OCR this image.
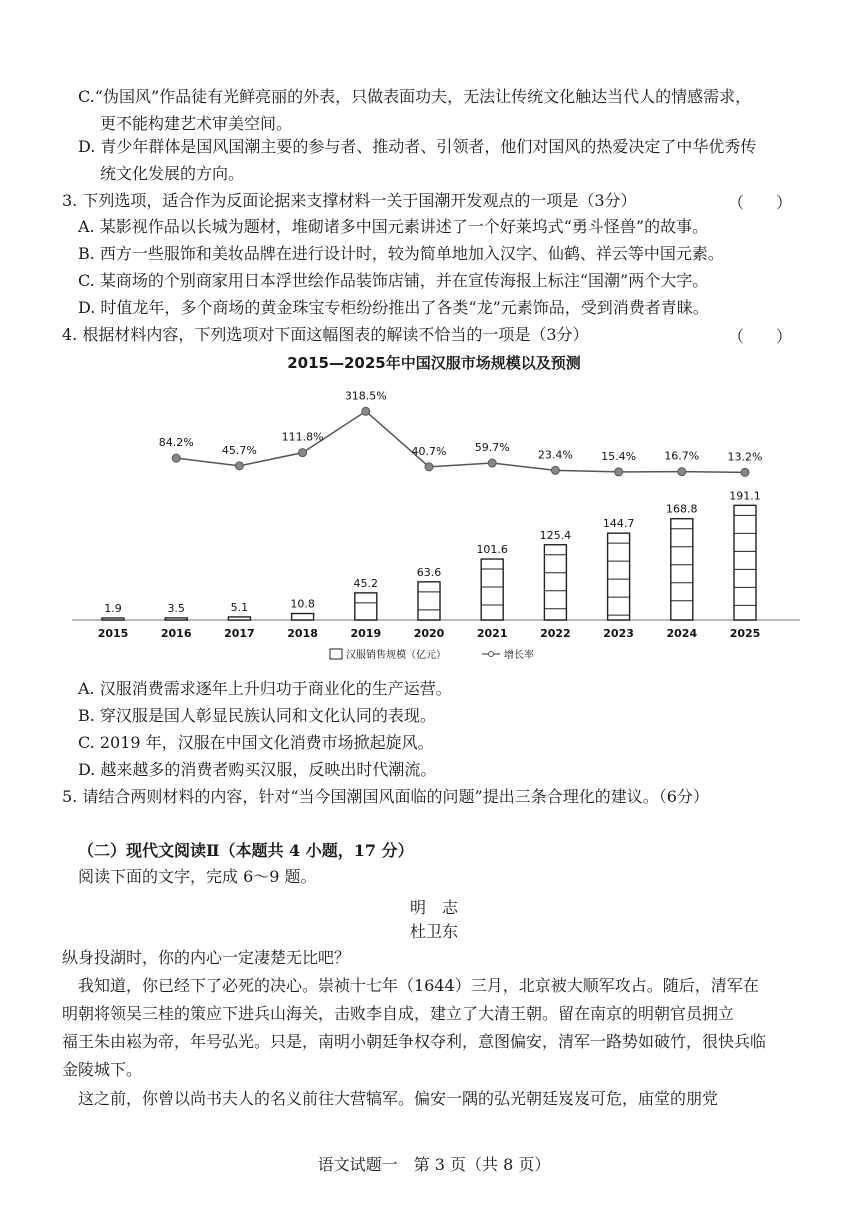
C.“伪国风”作品徒有光鲜亮丽的外表，只做表面功夫，无法让传统文化触达当代人的情感需求，
更不能构建艺术审美空间。
D. 青少年群体是国风国潮主要的参与者、推动者、引领者，他们对国风的热爱决定了中华优秀传
统文化发展的方向。
3. 下列选项，适合作为反面论据来支撑材料一关于国潮开发观点的一项是（3分）	（　　）
A. 某影视作品以长城为题材，堆砌诸多中国元素讲述了一个好莱坞式“勇斗怪兽”的故事。
B. 西方一些服饰和美妆品牌在进行设计时，较为简单地加入汉字、仙鹤、祥云等中国元素。
C. 某商场的个别商家用日本浮世绘作品装饰店铺，并在宣传海报上标注“国潮”两个大字。
D. 时值龙年，多个商场的黄金珠宝专柜纷纷推出了各类“龙”元素饰品，受到消费者青睐。
4. 根据材料内容，下列选项对下面这幅图表的解读不恰当的一项是（3分）	（　　）
2015—2025年中国汉服市场规模以及预测
1.9
2015
3.5
2016
5.1
2017
10.8
2018
45.2
2019
63.6
2020
101.6
2021
125.4
2022
144.7
2023
168.8
2024
191.1
2025
84.2%
45.7%
111.8%
318.5%
40.7%	59.7%
23.4%	15.4%	16.7%	13.2%
汉服销售规模（亿元）	增长率
A. 汉服消费需求逐年上升归功于商业化的生产运营。
B. 穿汉服是国人彰显民族认同和文化认同的表现。
C. 2019 年，汉服在中国文化消费市场掀起旋风。
D. 越来越多的消费者购买汉服，反映出时代潮流。
5. 请结合两则材料的内容，针对“当今国潮国风面临的问题”提出三条合理化的建议。（6分）
（二）现代文阅读Ⅱ（本题共 4 小题，17 分）
阅读下面的文字，完成 6～9 题。
明　志
杜卫东
纵身投湖时，你的内心一定凄楚无比吧？
我知道，你已经下了必死的决心。崇祯十七年（1644）三月，北京被大顺军攻占。随后，清军在
明朝将领吴三桂的策应下进兵山海关，击败李自成，建立了大清王朝。留在南京的明朝官员拥立
福王朱由崧为帝，年号弘光。只是，南明小朝廷争权夺利，意图偏安，清军一路势如破竹，很快兵临
金陵城下。
这之前，你曾以尚书夫人的名义前往大营犒军。偏安一隅的弘光朝廷岌岌可危，庙堂的朋党
语文试题一　第 3 页（共 8 页）
